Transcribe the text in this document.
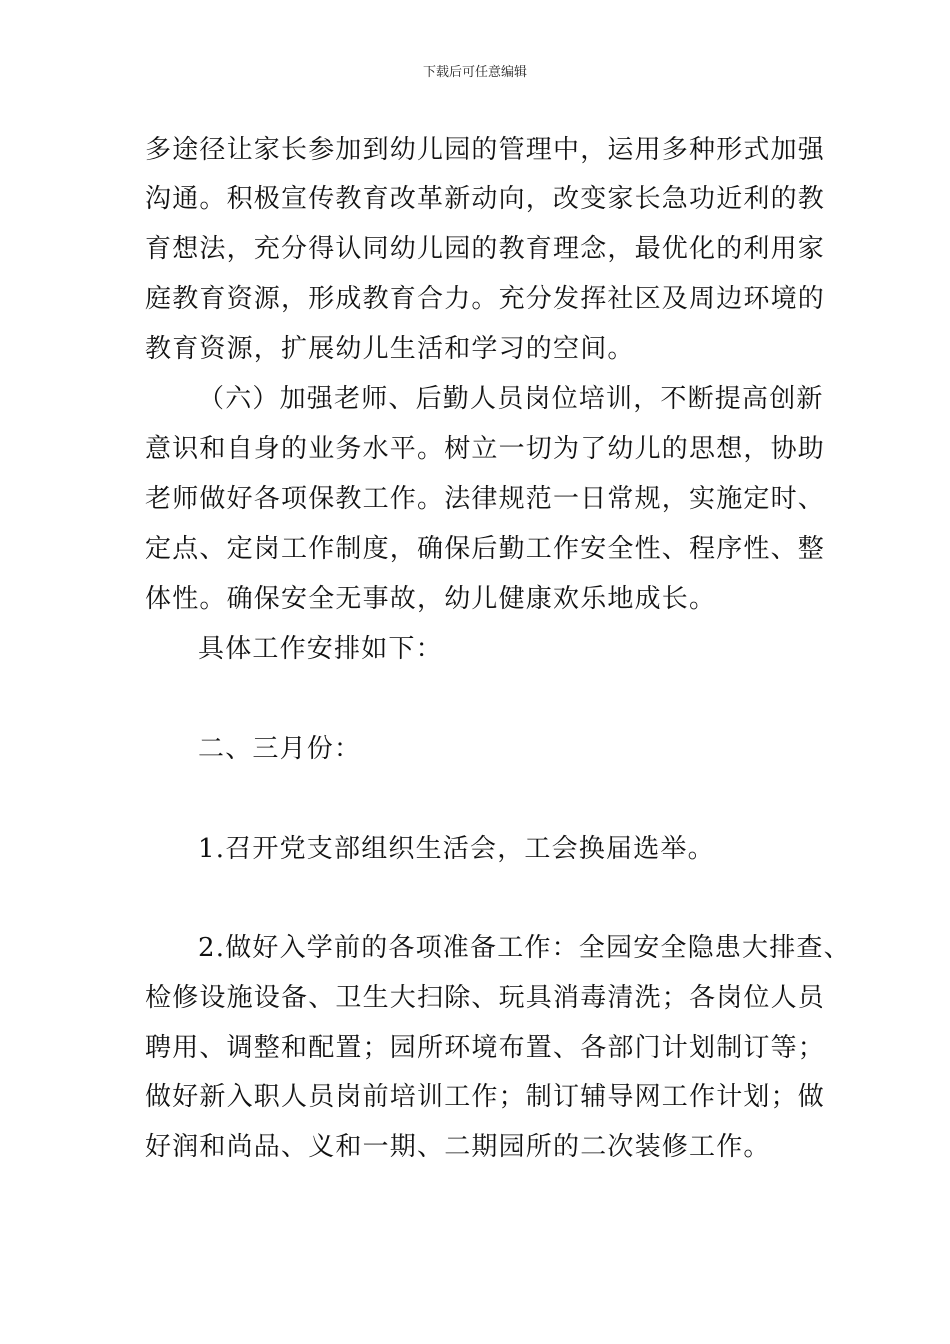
下载后可任意编辑
多途径让家长参加到幼儿园的管理中，运用多种形式加强
沟通。积极宣传教育改革新动向，改变家长急功近利的教
育想法，充分得认同幼儿园的教育理念，最优化的利用家
庭教育资源，形成教育合力。充分发挥社区及周边环境的
教育资源，扩展幼儿生活和学习的空间。
（六）加强老师、后勤人员岗位培训，不断提高创新
意识和自身的业务水平。树立一切为了幼儿的思想，协助
老师做好各项保教工作。法律规范一日常规，实施定时、
定点、定岗工作制度，确保后勤工作安全性、程序性、整
体性。确保安全无事故，幼儿健康欢乐地成长。
具体工作安排如下：
二、三月份：
1.召开党支部组织生活会，工会换届选举。
2.做好入学前的各项准备工作：全园安全隐患大排查、
检修设施设备、卫生大扫除、玩具消毒清洗；各岗位人员
聘用、调整和配置；园所环境布置、各部门计划制订等；
做好新入职人员岗前培训工作；制订辅导网工作计划；做
好润和尚品、义和一期、二期园所的二次装修工作。
